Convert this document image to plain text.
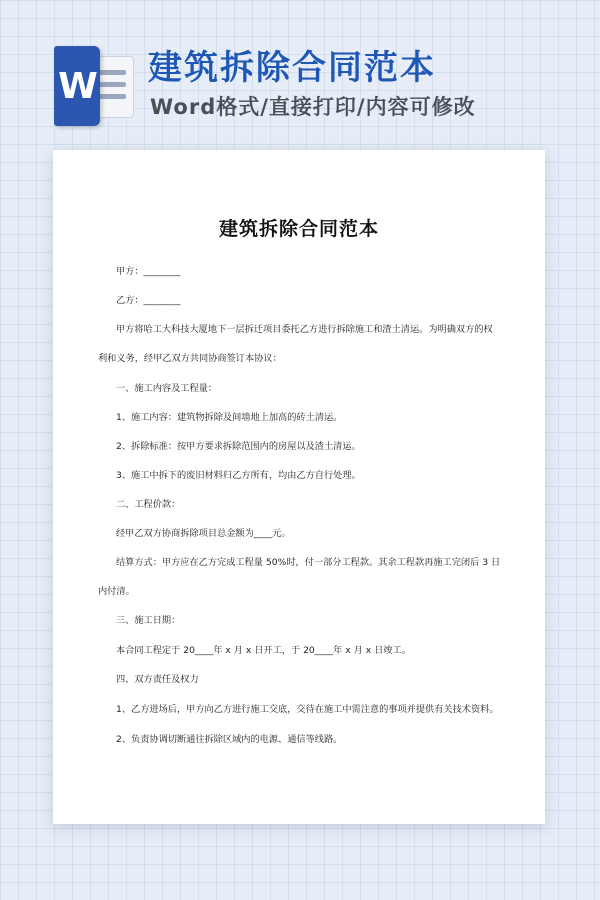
W 建筑拆除合同范本
Word格式/直接打印/内容可修改
建筑拆除合同范本
甲方：________
乙方：________
甲方将哈工大科技大厦地下一层拆迁项目委托乙方进行拆除施工和渣土清运。为明确双方的权
利和义务，经甲乙双方共同协商签订本协议：
一、施工内容及工程量：
1、施工内容：建筑物拆除及间墙地上加高的砖土清运。
2、拆除标准：按甲方要求拆除范围内的房屋以及渣土清运。
3、施工中拆下的废旧材料归乙方所有，均由乙方自行处理。
二、工程价款：
经甲乙双方协商拆除项目总金额为____元。
结算方式：甲方应在乙方完成工程量 50%时，付一部分工程款。其余工程款再施工完闭后 3 日
内付清。
三、施工日期：
本合同工程定于 20____年 x 月 x 日开工，于 20____年 x 月 x 日竣工。
四、双方责任及权力
1、乙方进场后，甲方向乙方进行施工交底，交待在施工中需注意的事项并提供有关技术资料。
2、负责协调切断通往拆除区域内的电源、通信等线路。
